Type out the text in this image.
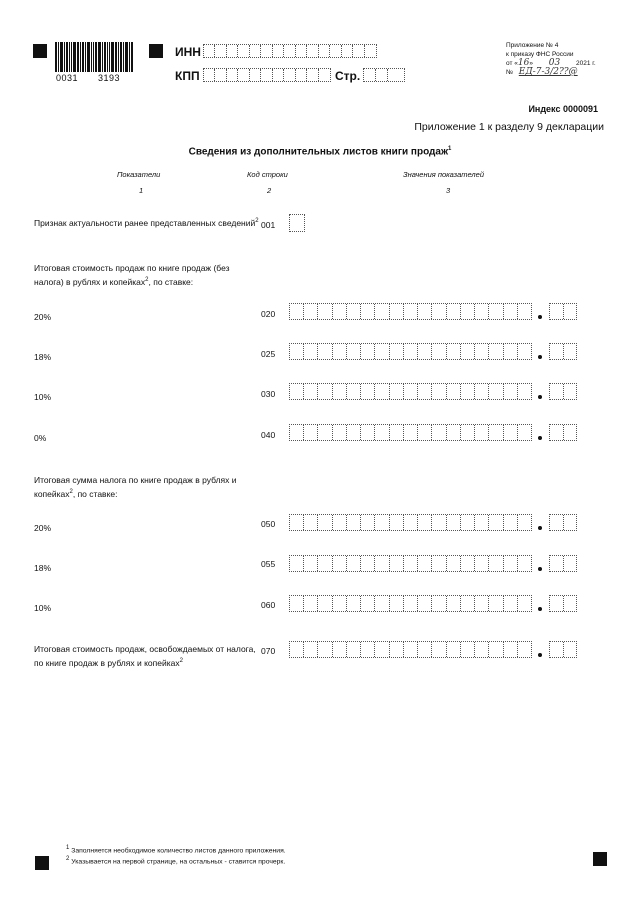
0031 3193
ИНН
КПП	Стр.
Приложение № 4
к приказу ФНС России
от «16» 03 2021 г.
№ ЕД-7-3/2??@
Индекс 0000091
Приложение 1 к разделу 9 декларации
Сведения из дополнительных листов книги продаж$^1$
Показатели	Код строки	Значения показателей
1	2	3
Признак актуальности ранее представленных сведений$^2$ 001
Итоговая стоимость продаж по книге продаж (без налога) в рублях и копейках$^2$, по ставке:
20%	020
18%	025
10%	030
0%	040
Итоговая сумма налога по книге продаж в рублях и копейках$^2$, по ставке:
20%	050
18%	055
10%	060
Итоговая стоимость продаж, освобождаемых от налога, по книге продаж в рублях и копейках$^2$
070
$^1$ Заполняется необходимое количество листов данного приложения.
$^2$ Указывается на первой странице, на остальных - ставится прочерк.
